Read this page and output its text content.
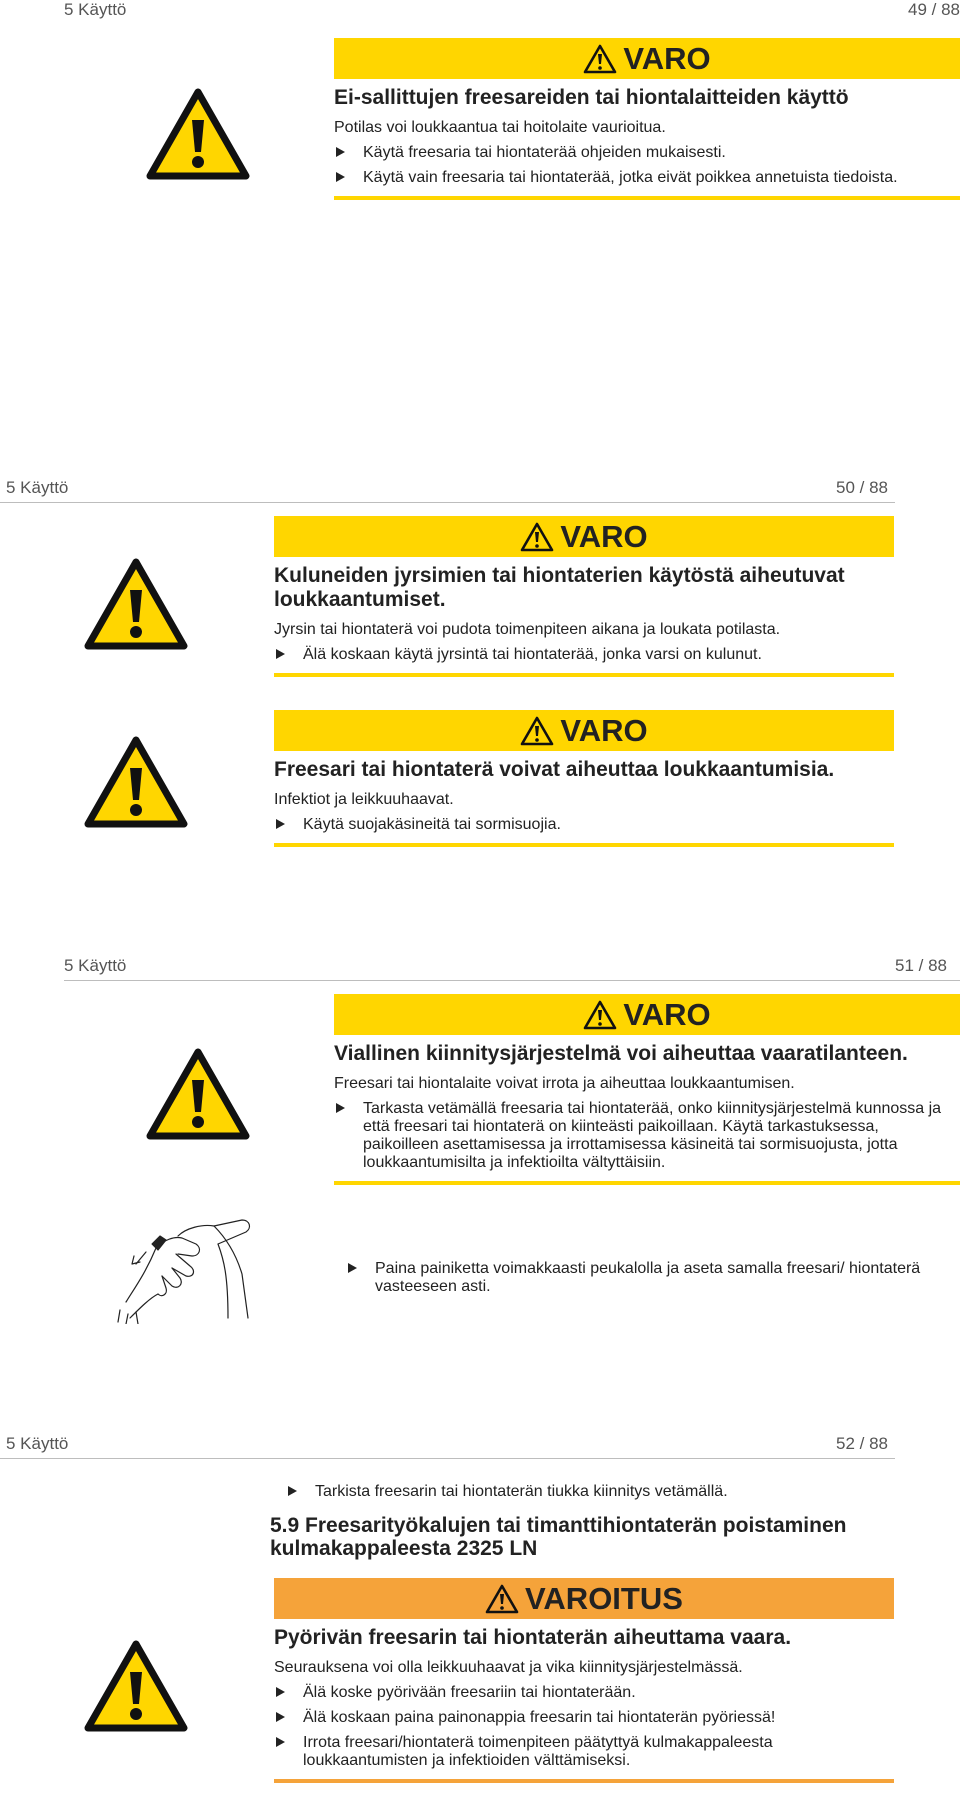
5 Käyttö	49 / 88
VARO
Ei-sallittujen freesareiden tai hiontalaitteiden käyttö
Potilas voi loukkaantua tai hoitolaite vaurioitua.
Käytä freesaria tai hiontaterää ohjeiden mukaisesti.
Käytä vain freesaria tai hiontaterää, jotka eivät poikkea annetuista tiedoista.
5 Käyttö	50 / 88
VARO
Kuluneiden jyrsimien tai hiontaterien käytöstä aiheutuvat loukkaantumiset.
Jyrsin tai hiontaterä voi pudota toimenpiteen aikana ja loukata potilasta.
Älä koskaan käytä jyrsintä tai hiontaterää, jonka varsi on kulunut.
VARO
Freesari tai hiontaterä voivat aiheuttaa loukkaantumisia.
Infektiot ja leikkuuhaavat.
Käytä suojakäsineitä tai sormisuojia.
5 Käyttö	51 / 88
VARO
Viallinen kiinnitysjärjestelmä voi aiheuttaa vaaratilanteen.
Freesari tai hiontalaite voivat irrota ja aiheuttaa loukkaantumisen.
Tarkasta vetämällä freesaria tai hiontaterää, onko kiinnitysjärjestelmä kunnossa ja että freesari tai hiontaterä on kiinteästi paikoillaan. Käytä tarkastuksessa, paikoilleen asettamisessa ja irrottamisessa käsineitä tai sormisuojusta, jotta loukkaantumisilta ja infektioilta vältyttäisiin.
Paina painiketta voimakkaasti peukalolla ja aseta samalla freesari/ hiontaterä vasteeseen asti.
5 Käyttö	52 / 88
Tarkista freesarin tai hiontaterän tiukka kiinnitys vetämällä.
5.9 Freesarityökalujen tai timanttihiontaterän poistaminen kulmakappaleesta 2325 LN
VAROITUS
Pyörivän freesarin tai hiontaterän aiheuttama vaara.
Seurauksena voi olla leikkuuhaavat ja vika kiinnitysjärjestelmässä.
Älä koske pyörivään freesariin tai hiontaterään.
Älä koskaan paina painonappia freesarin tai hiontaterän pyöriessä!
Irrota freesari/hiontaterä toimenpiteen päätyttyä kulmakappaleesta loukkaantumisten ja infektioiden välttämiseksi.
